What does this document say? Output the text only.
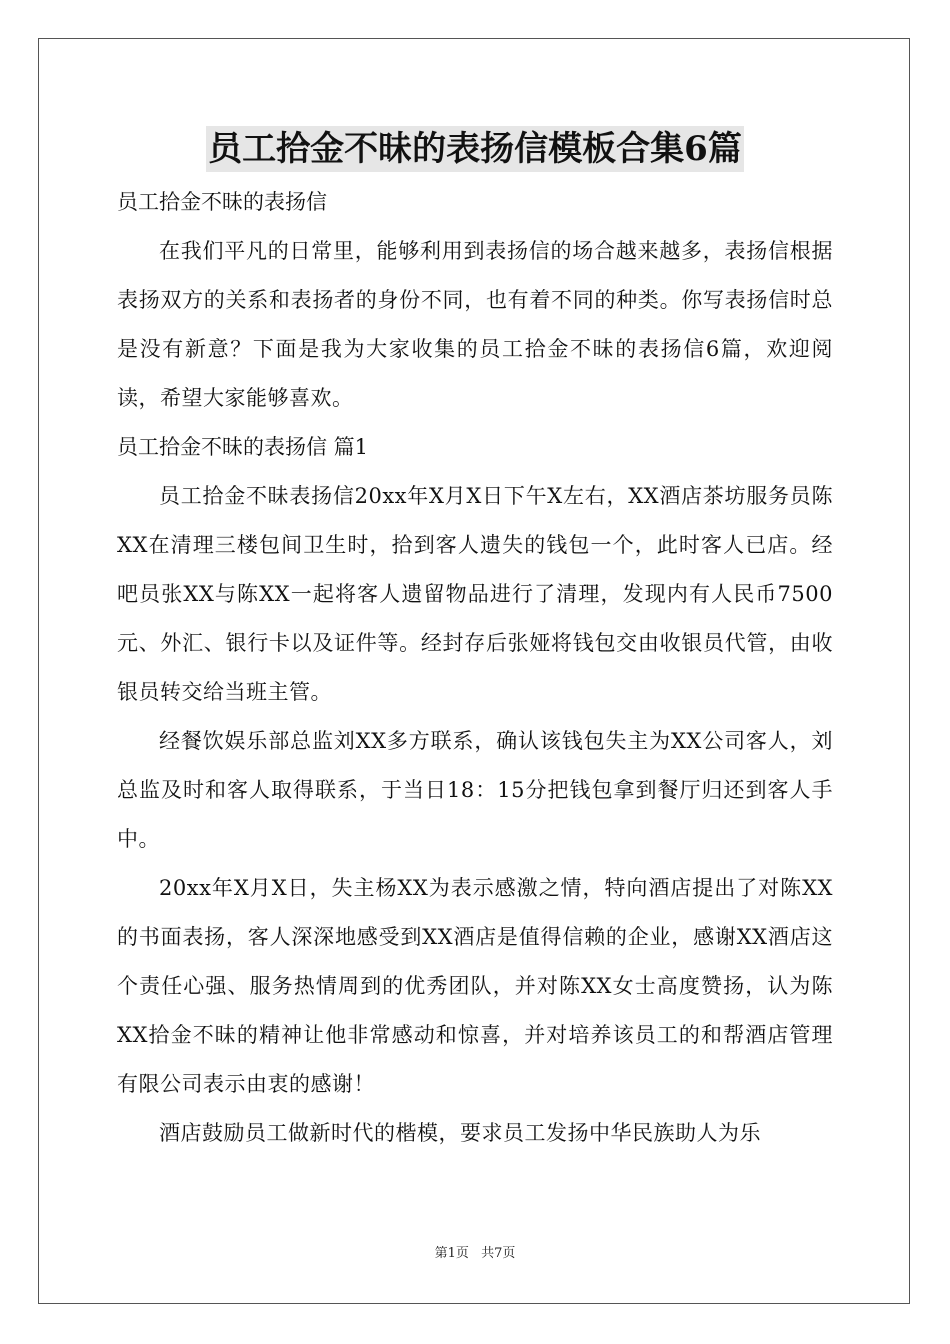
员工拾金不昧的表扬信模板合集6篇

员工拾金不昧的表扬信

在我们平凡的日常里，能够利用到表扬信的场合越来越多，表扬信根据表扬双方的关系和表扬者的身份不同，也有着不同的种类。你写表扬信时总是没有新意？下面是我为大家收集的员工拾金不昧的表扬信6篇，欢迎阅读，希望大家能够喜欢。

员工拾金不昧的表扬信 篇1

员工拾金不昧表扬信20xx年X月X日下午X左右，XX酒店茶坊服务员陈XX在清理三楼包间卫生时，拾到客人遗失的钱包一个，此时客人已店。经吧员张XX与陈XX一起将客人遗留物品进行了清理，发现内有人民币7500元、外汇、银行卡以及证件等。经封存后张娅将钱包交由收银员代管，由收银员转交给当班主管。

经餐饮娱乐部总监刘XX多方联系，确认该钱包失主为XX公司客人，刘总监及时和客人取得联系，于当日18：15分把钱包拿到餐厅归还到客人手中。

20xx年X月X日，失主杨XX为表示感激之情，特向酒店提出了对陈XX的书面表扬，客人深深地感受到XX酒店是值得信赖的企业，感谢XX酒店这个责任心强、服务热情周到的优秀团队，并对陈XX女士高度赞扬，认为陈XX拾金不昧的精神让他非常感动和惊喜，并对培养该员工的和帮酒店管理有限公司表示由衷的感谢！

酒店鼓励员工做新时代的楷模，要求员工发扬中华民族助人为乐

第1页 共7页
